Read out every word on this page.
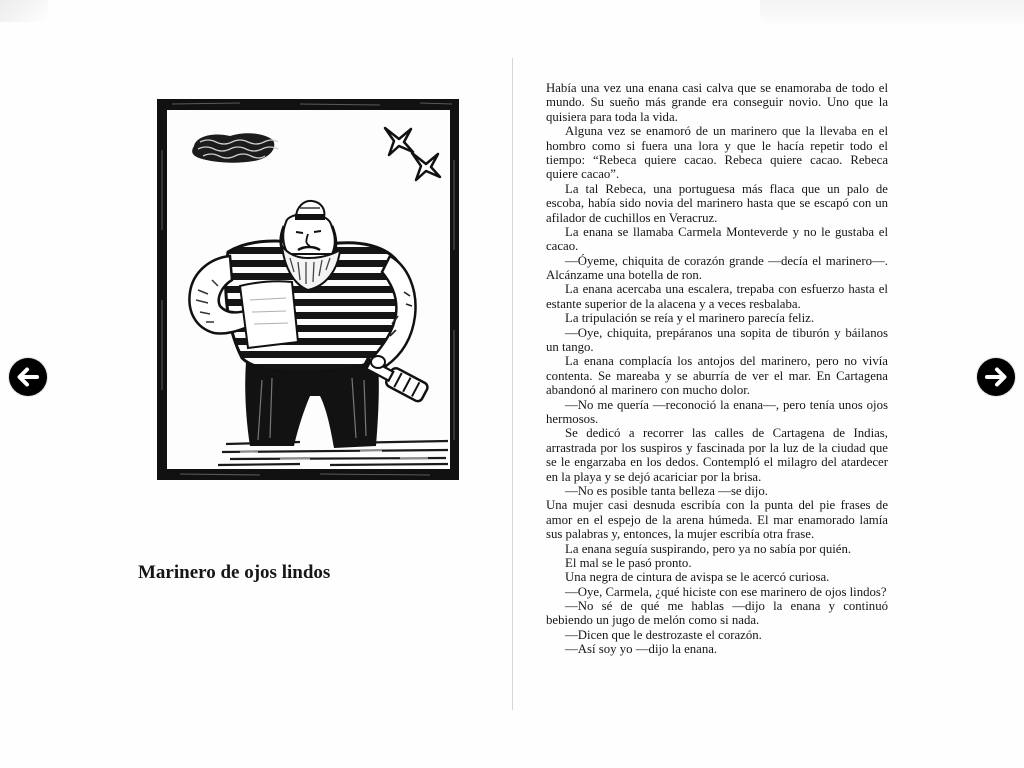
Marinero de ojos lindos
Había una vez una enana casi calva que se enamoraba de todo el
mundo. Su sueño más grande era conseguir novio. Uno que la
quisiera para toda la vida.
Alguna vez se enamoró de un marinero que la llevaba en el
hombro como si fuera una lora y que le hacía repetir todo el
tiempo: “Rebeca quiere cacao. Rebeca quiere cacao. Rebeca
quiere cacao”.
La tal Rebeca, una portuguesa más flaca que un palo de
escoba, había sido novia del marinero hasta que se escapó con un
afilador de cuchillos en Veracruz.
La enana se llamaba Carmela Monteverde y no le gustaba el
cacao.
—Óyeme, chiquita de corazón grande —decía el marinero—.
Alcánzame una botella de ron.
La enana acercaba una escalera, trepaba con esfuerzo hasta el
estante superior de la alacena y a veces resbalaba.
La tripulación se reía y el marinero parecía feliz.
—Oye, chiquita, prepáranos una sopita de tiburón y báilanos
un tango.
La enana complacía los antojos del marinero, pero no vivía
contenta. Se mareaba y se aburría de ver el mar. En Cartagena
abandonó al marinero con mucho dolor.
—No me quería —reconoció la enana—, pero tenía unos ojos
hermosos.
Se dedicó a recorrer las calles de Cartagena de Indias,
arrastrada por los suspiros y fascinada por la luz de la ciudad que
se le engarzaba en los dedos. Contempló el milagro del atardecer
en la playa y se dejó acariciar por la brisa.
—No es posible tanta belleza —se dijo.
Una mujer casi desnuda escribía con la punta del pie frases de
amor en el espejo de la arena húmeda. El mar enamorado lamía
sus palabras y, entonces, la mujer escribía otra frase.
La enana seguía suspirando, pero ya no sabía por quién.
El mal se le pasó pronto.
Una negra de cintura de avispa se le acercó curiosa.
—Oye, Carmela, ¿qué hiciste con ese marinero de ojos lindos?
—No sé de qué me hablas —dijo la enana y continuó
bebiendo un jugo de melón como si nada.
—Dicen que le destrozaste el corazón.
—Así soy yo —dijo la enana.
